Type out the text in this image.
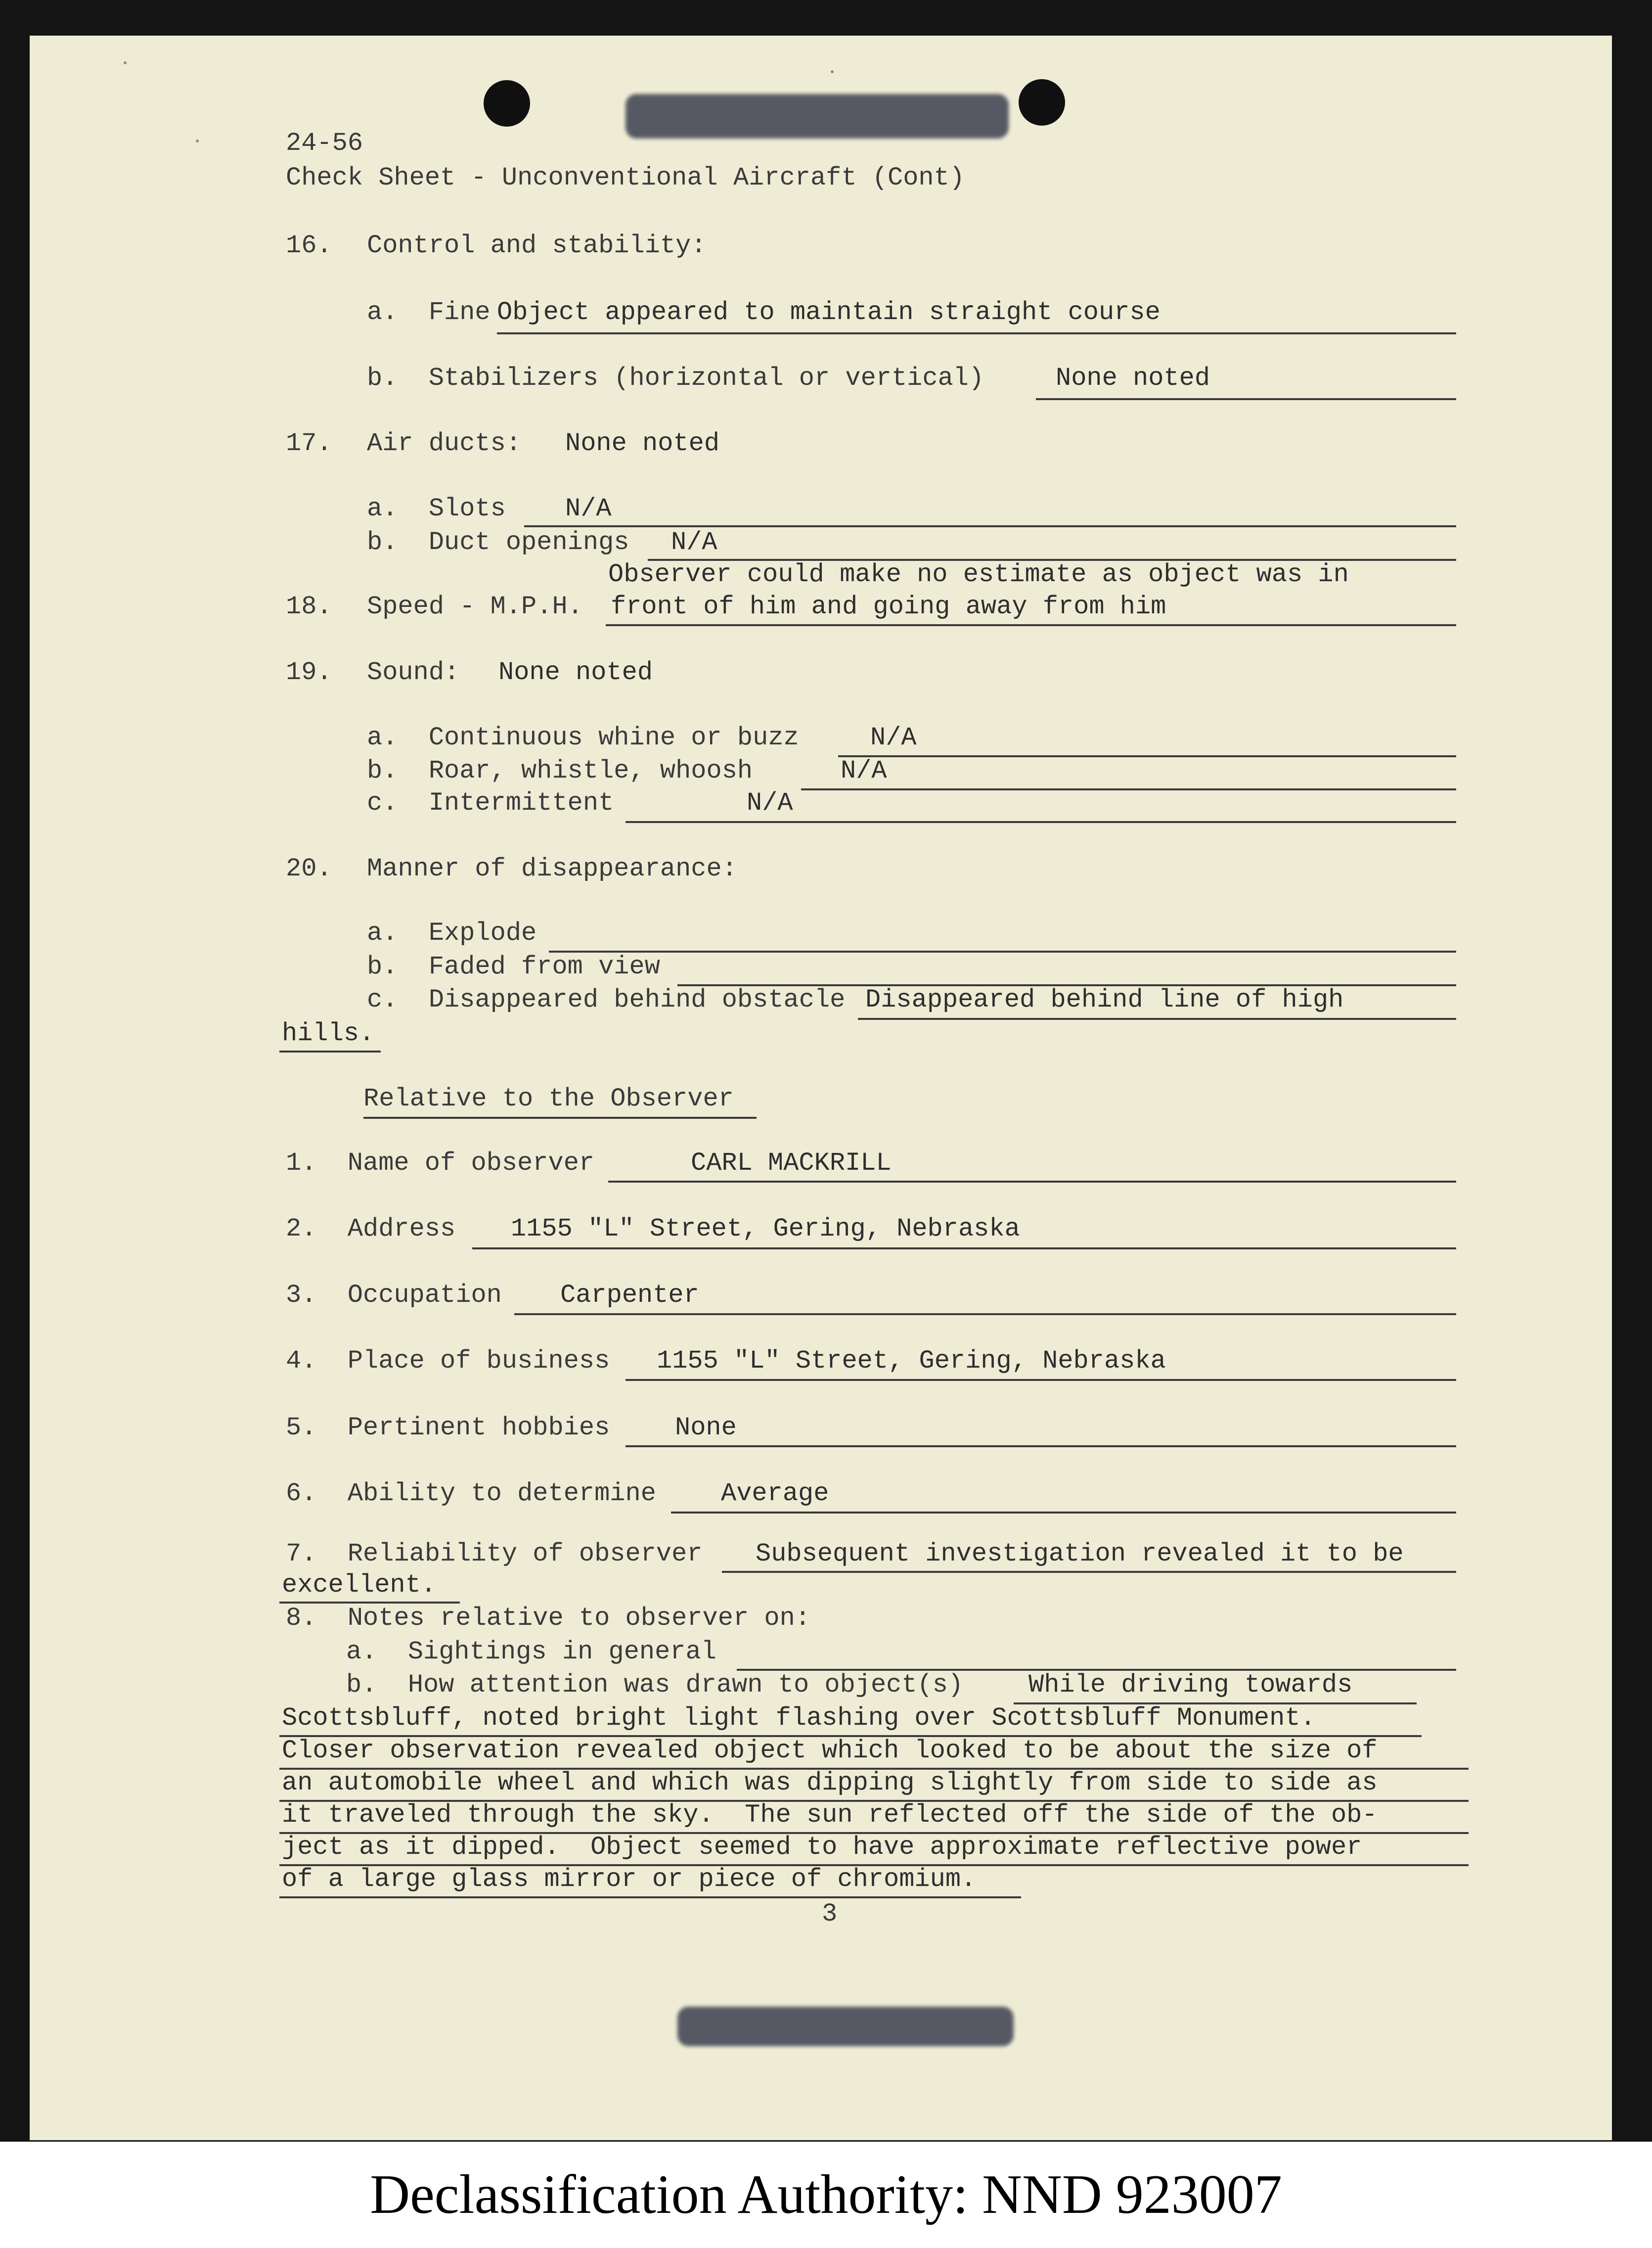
24-56
Check Sheet - Unconventional Aircraft (Cont)
16. Control and stability:
a.  Fine Object appeared to maintain straight course
b.  Stabilizers (horizontal or vertical)	None noted
17. Air ducts: None noted
a.  Slots N/A
b.  Duct openings N/A
Observer could make no estimate as object was in
18. Speed - M.P.H. front of him and going away from him
19. Sound: None noted
a.  Continuous whine or buzz	N/A
b.  Roar, whistle, whoosh	N/A
c.  Intermittent	N/A
20. Manner of disappearance:
a.  Explode
b.  Faded from view
c.  Disappeared behind obstacle Disappeared behind line of high
hills.
Relative to the Observer
1.  Name of observer	CARL MACKRILL
2.  Address 1155 "L" Street, Gering, Nebraska
3.  Occupation Carpenter
4.  Place of business 1155 "L" Street, Gering, Nebraska
5.  Pertinent hobbies	None
6.  Ability to determine	Average
7.  Reliability of observer Subsequent investigation revealed it to be
excellent.
8.  Notes relative to observer on:
a.  Sightings in general
b.  How attention was drawn to object(s)	While driving towards
Scottsbluff, noted bright light flashing over Scottsbluff Monument.
Closer observation revealed object which looked to be about the size of
an automobile wheel and which was dipping slightly from side to side as
it traveled through the sky.  The sun reflected off the side of the ob-
ject as it dipped.  Object seemed to have approximate reflective power
of a large glass mirror or piece of chromium.
3
Declassification Authority: NND 923007
